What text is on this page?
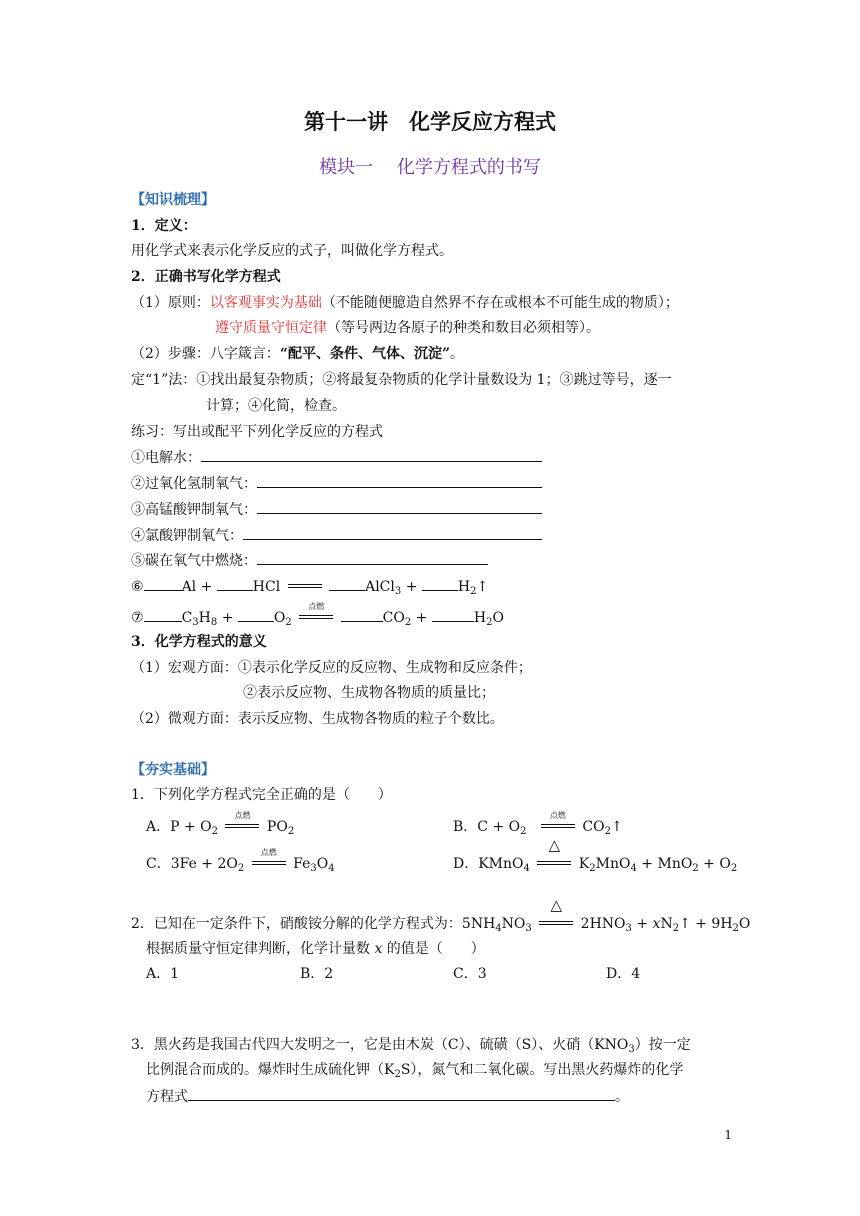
第十一讲　化学反应方程式
模块一　 化学方程式的书写
【知识梳理】
1．定义：
用化学式来表示化学反应的式子，叫做化学方程式。
2．正确书写化学方程式
（1）原则：以客观事实为基础（不能随便臆造自然界不存在或根本不可能生成的物质）；
遵守质量守恒定律（等号两边各原子的种类和数目必须相等）。
（2）步骤：八字箴言：“配平、条件、气体、沉淀”。
定“1”法：①找出最复杂物质；②将最复杂物质的化学计量数设为 1；③跳过等号，逐一
计算；④化简，检查。
练习：写出或配平下列化学反应的方程式
①电解水：
②过氧化氢制氧气：
③高锰酸钾制氧气：
④氯酸钾制氧气：
⑤碳在氧气中燃烧：
⑥	Al +	HCl	AlCl$_3$ +	$H_2↑$
⑦	$C_3H_8$ +	$O_2$
点燃
$CO_2$ +	$H_2O$
3．化学方程式的意义
（1）宏观方面：①表示化学反应的反应物、生成物和反应条件；
②表示反应物、生成物各物质的质量比；
（2）微观方面：表示反应物、生成物各物质的粒子个数比。
【夯实基础】
1．下列化学方程式完全正确的是（　　）
A．$P + O_2$
点燃
$PO_2$	B．$C + O_2$
点燃
$CO_2↑$
C．$3Fe + 2O_2$
点燃
$Fe_3O_4$	D．KMnO$_4$
△
$K_2MnO_4 + MnO_2 + O_2$
2．已知在一定条件下，硝酸铵分解的化学方程式为：$5NH_4NO_3$
△
$2HNO_3$ + $xN_2↑ + 9H_2O$
根据质量守恒定律判断，化学计量数 x 的值是（　　）
A．1	B．2	C．3	D．4
3．黑火药是我国古代四大发明之一，它是由木炭（C）、硫磺（S）、火硝$(KNO_3)$按一定
比例混合而成的。爆炸时生成硫化钾$(K_2S)$，氮气和二氧化碳。写出黑火药爆炸的化学
方程式	。
1
